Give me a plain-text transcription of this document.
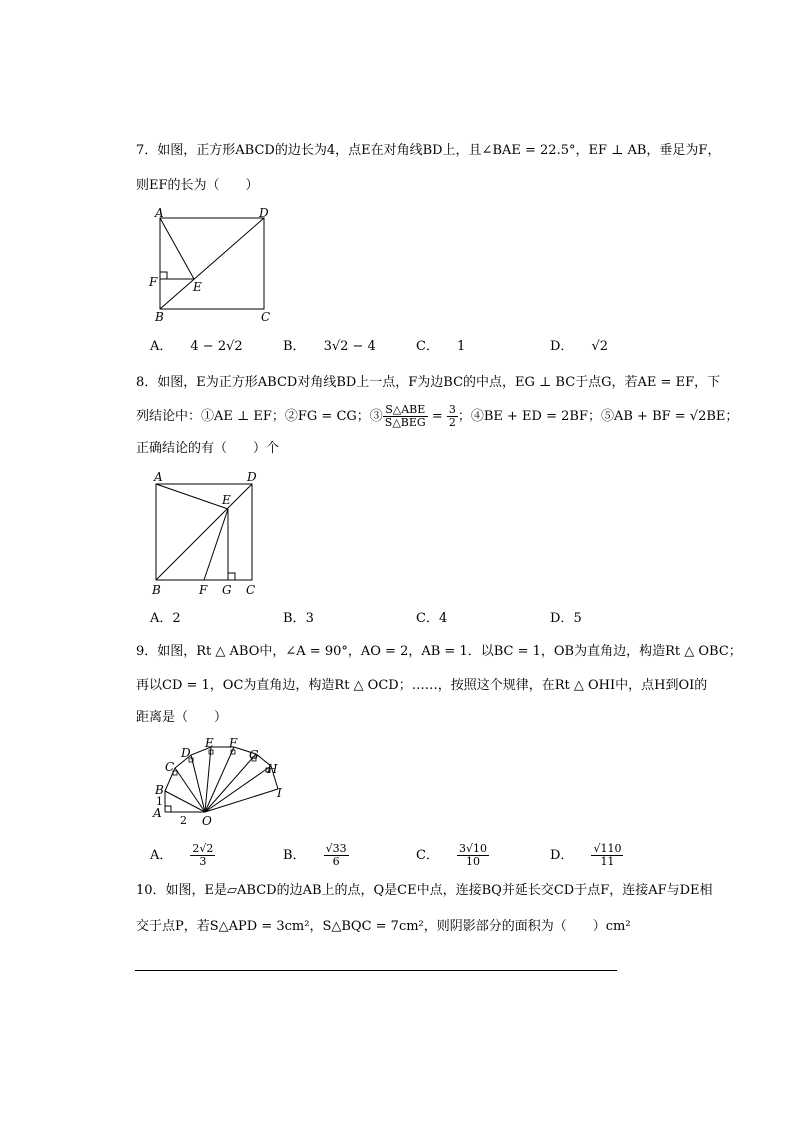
7．如图，正方形ABCD的边长为4，点E在对角线BD上，且∠BAE = 22.5°，EF ⊥ AB，垂足为F，
则EF的长为（　　）
A	D
F	E
B	C
A． 4 − 2√2	B． 3√2 − 4	C． 1	D． √2
8．如图，E为正方形ABCD对角线BD上一点，F为边BC的中点，EG ⊥ BC于点G，若AE = EF，下
列结论中：①AE ⊥ EF；②FG = CG；③ $\frac{\text{S△ABE}}{\text{S△BEG}} = \frac{3}{2}$ ；④BE + ED = 2BF；⑤AB + BF = √2BE；
正确结论的有（　　）个
A	D
E
B	F G C
A．2	B．3	C．4	D．5
9．如图，Rt △ ABO中，∠A = 90°，AO = 2，AB = 1．以BC = 1，OB为直角边，构造Rt △ OBC；
再以CD = 1，OC为直角边，构造Rt △ OCD；……，按照这个规律，在Rt △ OHI中，点H到OI的
距离是（　　）
A
B
1
C
D
E F
G
H
I
O
2
A． $\frac{2√2}{3}$	B． $\frac{√33}{6}$	C． $\frac{3√10}{10}$	D． $\frac{√110}{11}$
10．如图，E是▱ABCD的边AB上的点，Q是CE中点，连接BQ并延长交CD于点F，连接AF与DE相
交于点P，若S△APD = 3cm²，S△BQC = 7cm²，则阴影部分的面积为（　　）cm²
